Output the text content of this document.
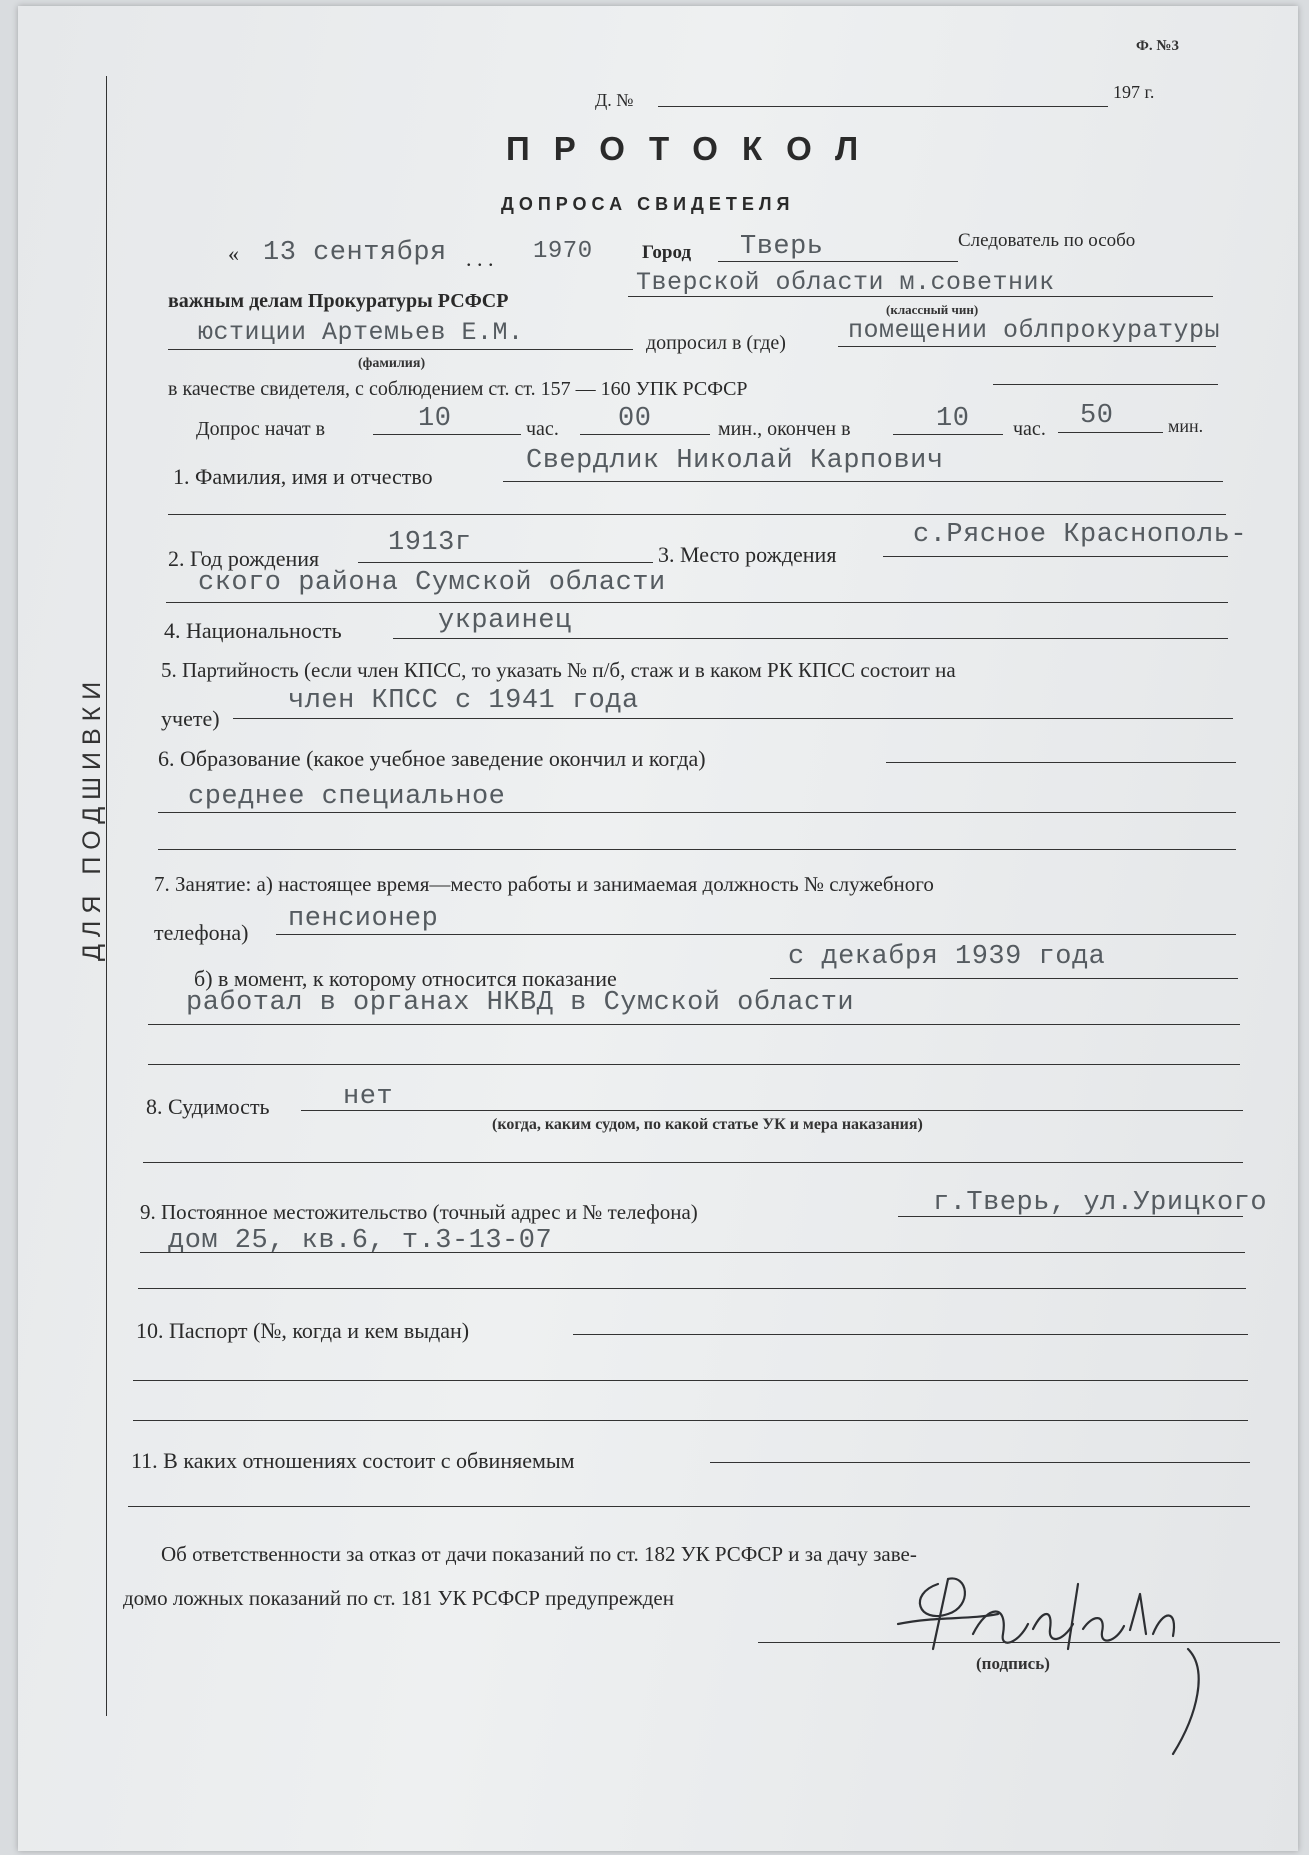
ДЛЯ ПОДШИВКИ
Ф. №3
Д. №	197 г.
ПРОТОКОЛ
ДОПРОСА СВИДЕТЕЛЯ
« 13 сентября . . . 1970	Город Тверь	Следователь по особо
важным делам Прокуратуры РСФСР
Тверской области м.советник
(классный чин)
юстиции Артемьев Е.М.
(фамилия)
допросил в (где) помещении облпрокуратуры
в качестве свидетеля, с соблюдением ст. ст. 157 — 160 УПК РСФСР
Допрос начат в	10	час. 00	мин., окончен в	10 час. 50	мин.
1. Фамилия, имя и отчество
Свердлик Николай Карпович
2. Год рождения
1913г	3. Место рождения
с.Рясное Краснополь-
ского района Сумской области
4. Национальность	украинец
5. Партийность (если член КПСС, то указать № п/б, стаж и в каком РК КПСС состоит на
учете)
член КПСС с 1941 года
6. Образование (какое учебное заведение окончил и когда)
среднее специальное
7. Занятие: а) настоящее время—место работы и занимаемая должность № служебного
телефона) пенсионер
б) в момент, к которому относится показание
с декабря 1939 года
работал в органах НКВД в Сумской области
8. Судимость	нет
(когда, каким судом, по какой статье УК и мера наказания)
9. Постоянное местожительство (точный адрес и № телефона)	г.Тверь, ул.Урицкого
дом 25, кв.6, т.3-13-07
10. Паспорт (№, когда и кем выдан)
11. В каких отношениях состоит с обвиняемым
Об ответственности за отказ от дачи показаний по ст. 182 УК РСФСР и за дачу заве-
домо ложных показаний по ст. 181 УК РСФСР предупрежден
Свердлик
(подпись)
